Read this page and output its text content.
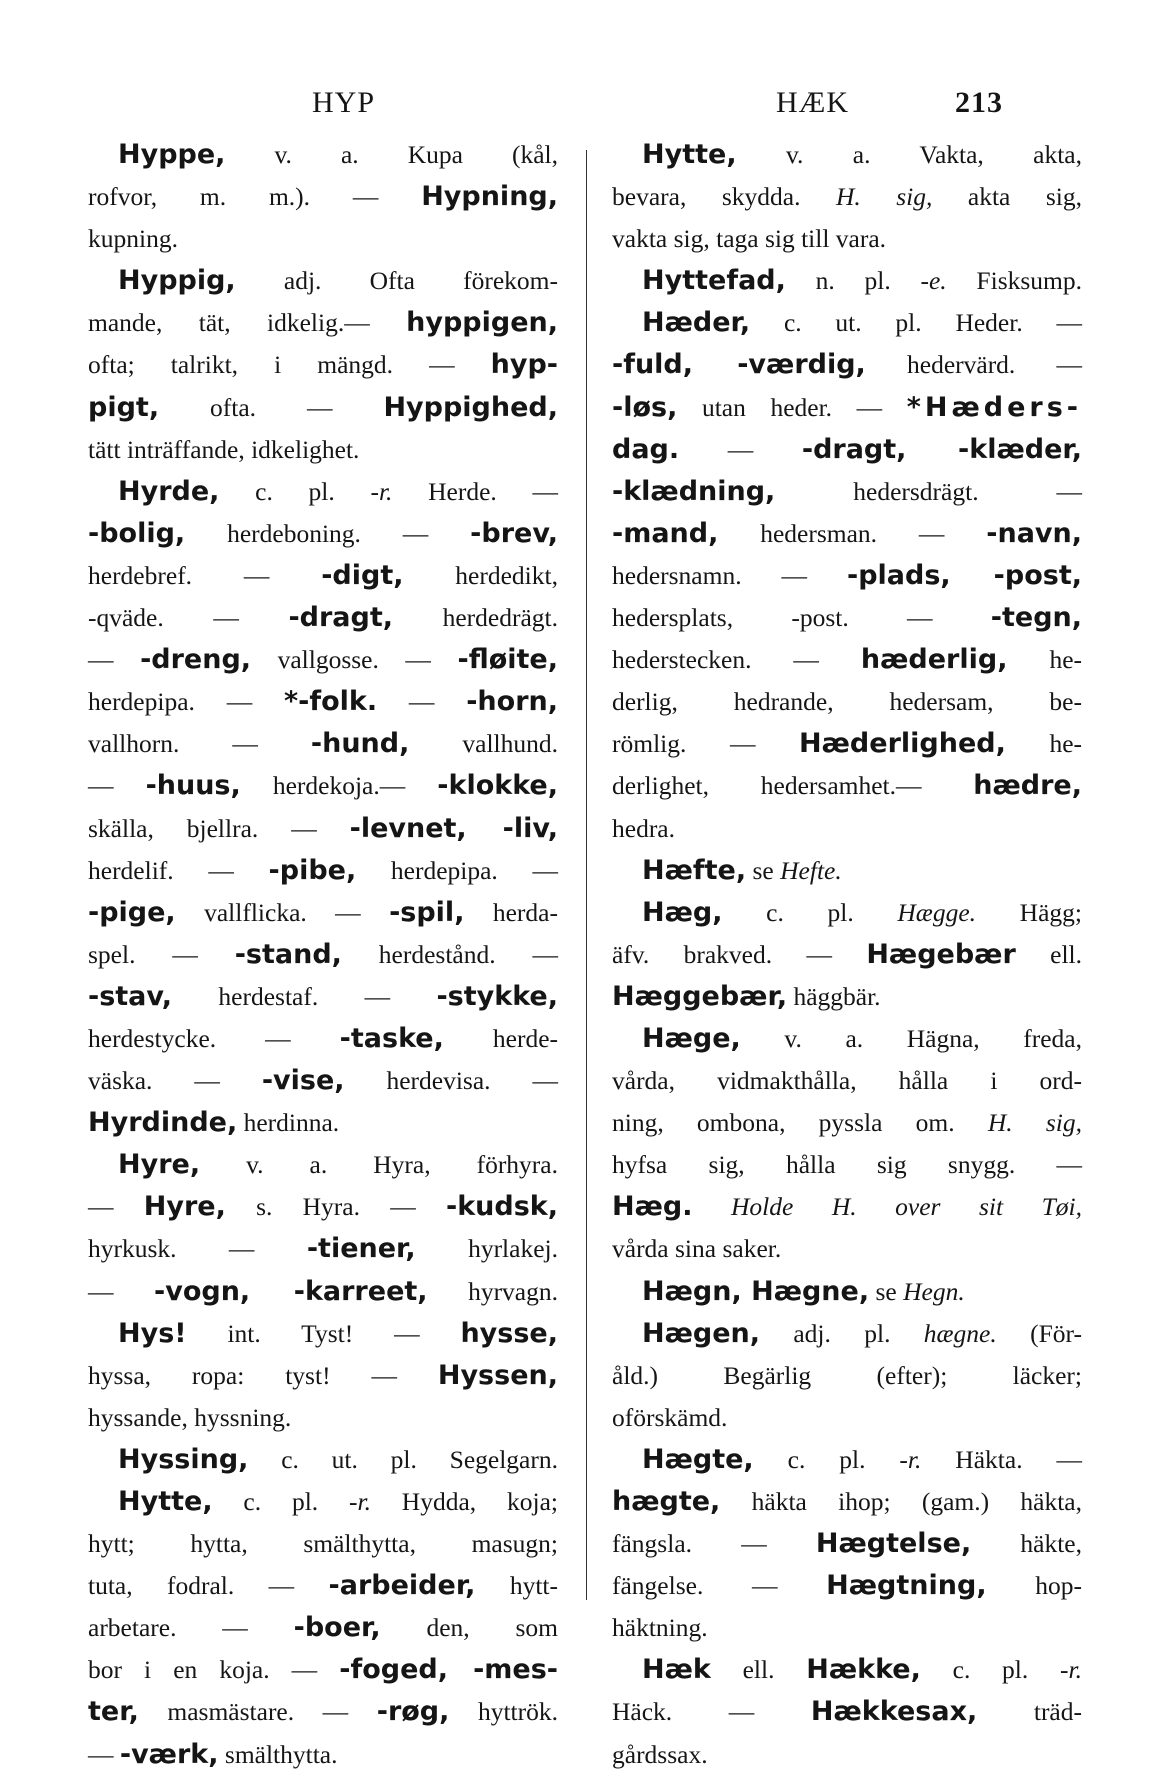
HYP	HÆK	213
Hyppe, v. a. Kupa (kål,
rofvor, m. m.). — Hypning,
kupning.
Hyppig, adj. Ofta förekom-
mande, tät, idkelig.— hyppigen,
ofta; talrikt, i mängd. — hyp-
pigt, ofta. — Hyppighed,
tätt inträffande, idkelighet.
Hyrde, c. pl. -r. Herde. —
-bolig, herdeboning. — -brev,
herdebref. — -digt, herdedikt,
-qväde. — -dragt, herdedrägt.
— -dreng, vallgosse. — -fløite,
herdepipa. — *-folk. — -horn,
vallhorn. — -hund, vallhund.
— -huus, herdekoja.— -klokke,
skälla, bjellra. — -levnet, -liv,
herdelif. — -pibe, herdepipa. —
-pige, vallflicka. — -spil, herda-
spel. — -stand, herdestånd. —
-stav, herdestaf. — -stykke,
herdestycke. — -taske, herde-
väska. — -vise, herdevisa. —
Hyrdinde, herdinna.
Hyre, v. a. Hyra, förhyra.
— Hyre, s. Hyra. — -kudsk,
hyrkusk. — -tiener, hyrlakej.
— -vogn, -karreet, hyrvagn.
Hys! int. Tyst! — hysse,
hyssa, ropa: tyst! — Hyssen,
hyssande, hyssning.
Hyssing, c. ut. pl. Segelgarn.
Hytte, c. pl. -r. Hydda, koja;
hytt; hytta, smälthytta, masugn;
tuta, fodral. — -arbeider, hytt-
arbetare. — -boer, den, som
bor i en koja. — -foged, -mes-
ter, masmästare. — -røg, hyttrök.
— -værk, smälthytta.
Hytte, v. a. Vakta, akta,
bevara, skydda. H. sig, akta sig,
vakta sig, taga sig till vara.
Hyttefad, n. pl. -e. Fisksump.
Hæder, c. ut. pl. Heder. —
-fuld, -værdig, hedervärd. —
-løs, utan heder. — *Hæders-
dag. — -dragt, -klæder,
-klædning, hedersdrägt. —
-mand, hedersman. — -navn,
hedersnamn. — -plads, -post,
hedersplats, -post. — -tegn,
hederstecken. — hæderlig, he-
derlig, hedrande, hedersam, be-
römlig. — Hæderlighed, he-
derlighet, hedersamhet.— hædre,
hedra.
Hæfte, se Hefte.
Hæg, c. pl. Hægge. Hägg;
äfv. brakved. — Hægebær ell.
Hæggebær, häggbär.
Hæge, v. a. Hägna, freda,
vårda, vidmakthålla, hålla i ord-
ning, ombona, pyssla om. H. sig,
hyfsa sig, hålla sig snygg. —
Hæg. Holde H. over sit Tøi,
vårda sina saker.
Hægn, Hægne, se Hegn.
Hægen, adj. pl. hægne. (För-
åld.) Begärlig (efter); läcker;
oförskämd.
Hægte, c. pl. -r. Häkta. —
hægte, häkta ihop; (gam.) häkta,
fängsla. — Hægtelse, häkte,
fängelse. — Hægtning, hop-
häktning.
Hæk ell. Hække, c. pl. -r.
Häck. — Hækkesax, träd-
gårdssax.
